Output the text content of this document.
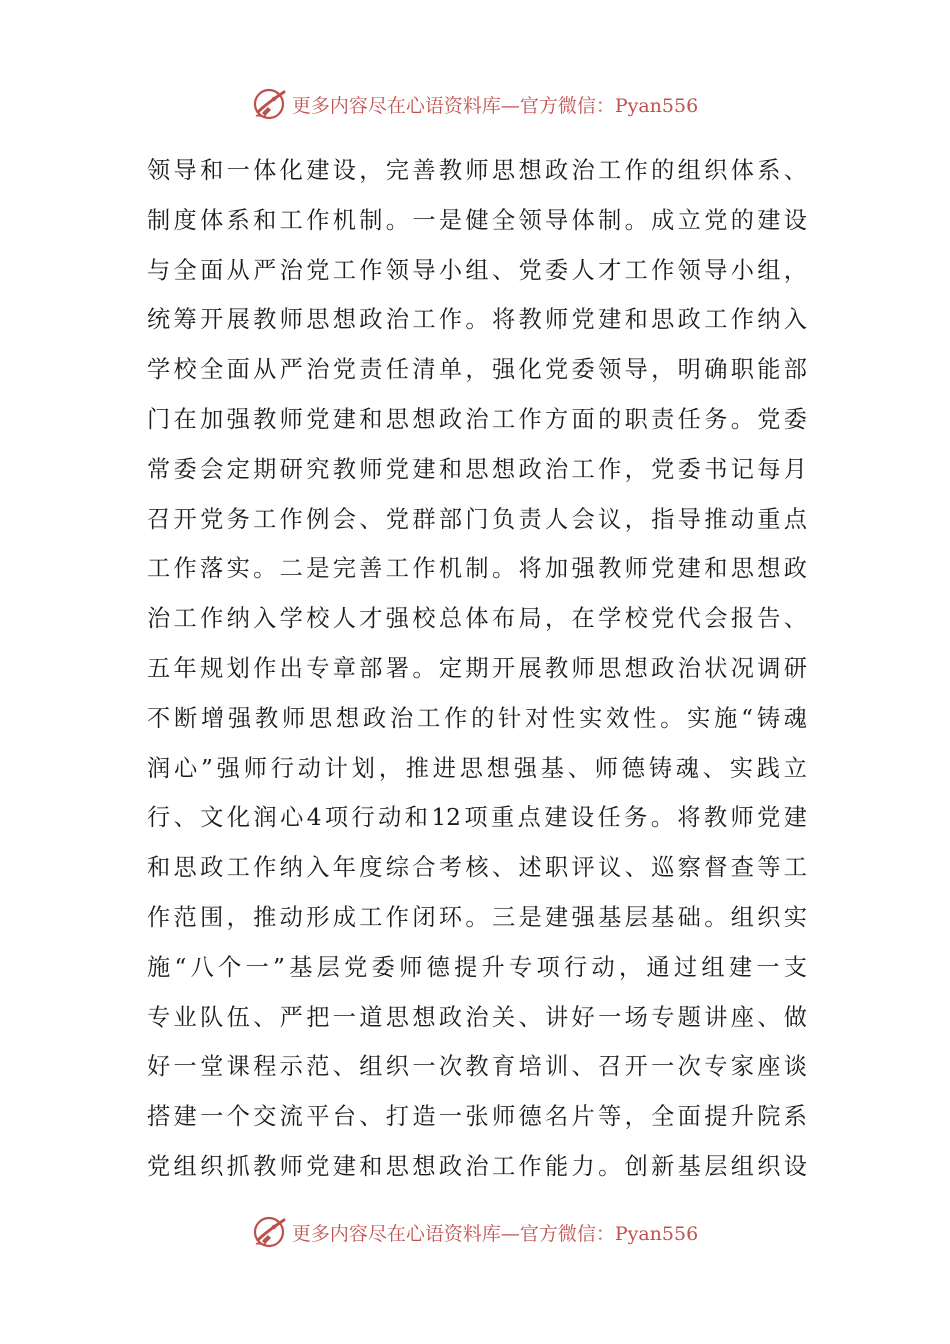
更多内容尽在心语资料库—官方微信：Pyan556
领导和一体化建设，完善教师思想政治工作的组织体系、
制度体系和工作机制。一是健全领导体制。成立党的建设
与全面从严治党工作领导小组、党委人才工作领导小组，
统筹开展教师思想政治工作。将教师党建和思政工作纳入
学校全面从严治党责任清单，强化党委领导，明确职能部
门在加强教师党建和思想政治工作方面的职责任务。党委
常委会定期研究教师党建和思想政治工作，党委书记每月
召开党务工作例会、党群部门负责人会议，指导推动重点
工作落实。二是完善工作机制。将加强教师党建和思想政
治工作纳入学校人才强校总体布局，在学校党代会报告、
五年规划作出专章部署。定期开展教师思想政治状况调研
不断增强教师思想政治工作的针对性实效性。实施“铸魂
润心”强师行动计划，推进思想强基、师德铸魂、实践立
行、文化润心4项行动和12项重点建设任务。将教师党建
和思政工作纳入年度综合考核、述职评议、巡察督查等工
作范围，推动形成工作闭环。三是建强基层基础。组织实
施“八个一”基层党委师德提升专项行动，通过组建一支
专业队伍、严把一道思想政治关、讲好一场专题讲座、做
好一堂课程示范、组织一次教育培训、召开一次专家座谈
搭建一个交流平台、打造一张师德名片等，全面提升院系
党组织抓教师党建和思想政治工作能力。创新基层组织设
更多内容尽在心语资料库—官方微信：Pyan556
